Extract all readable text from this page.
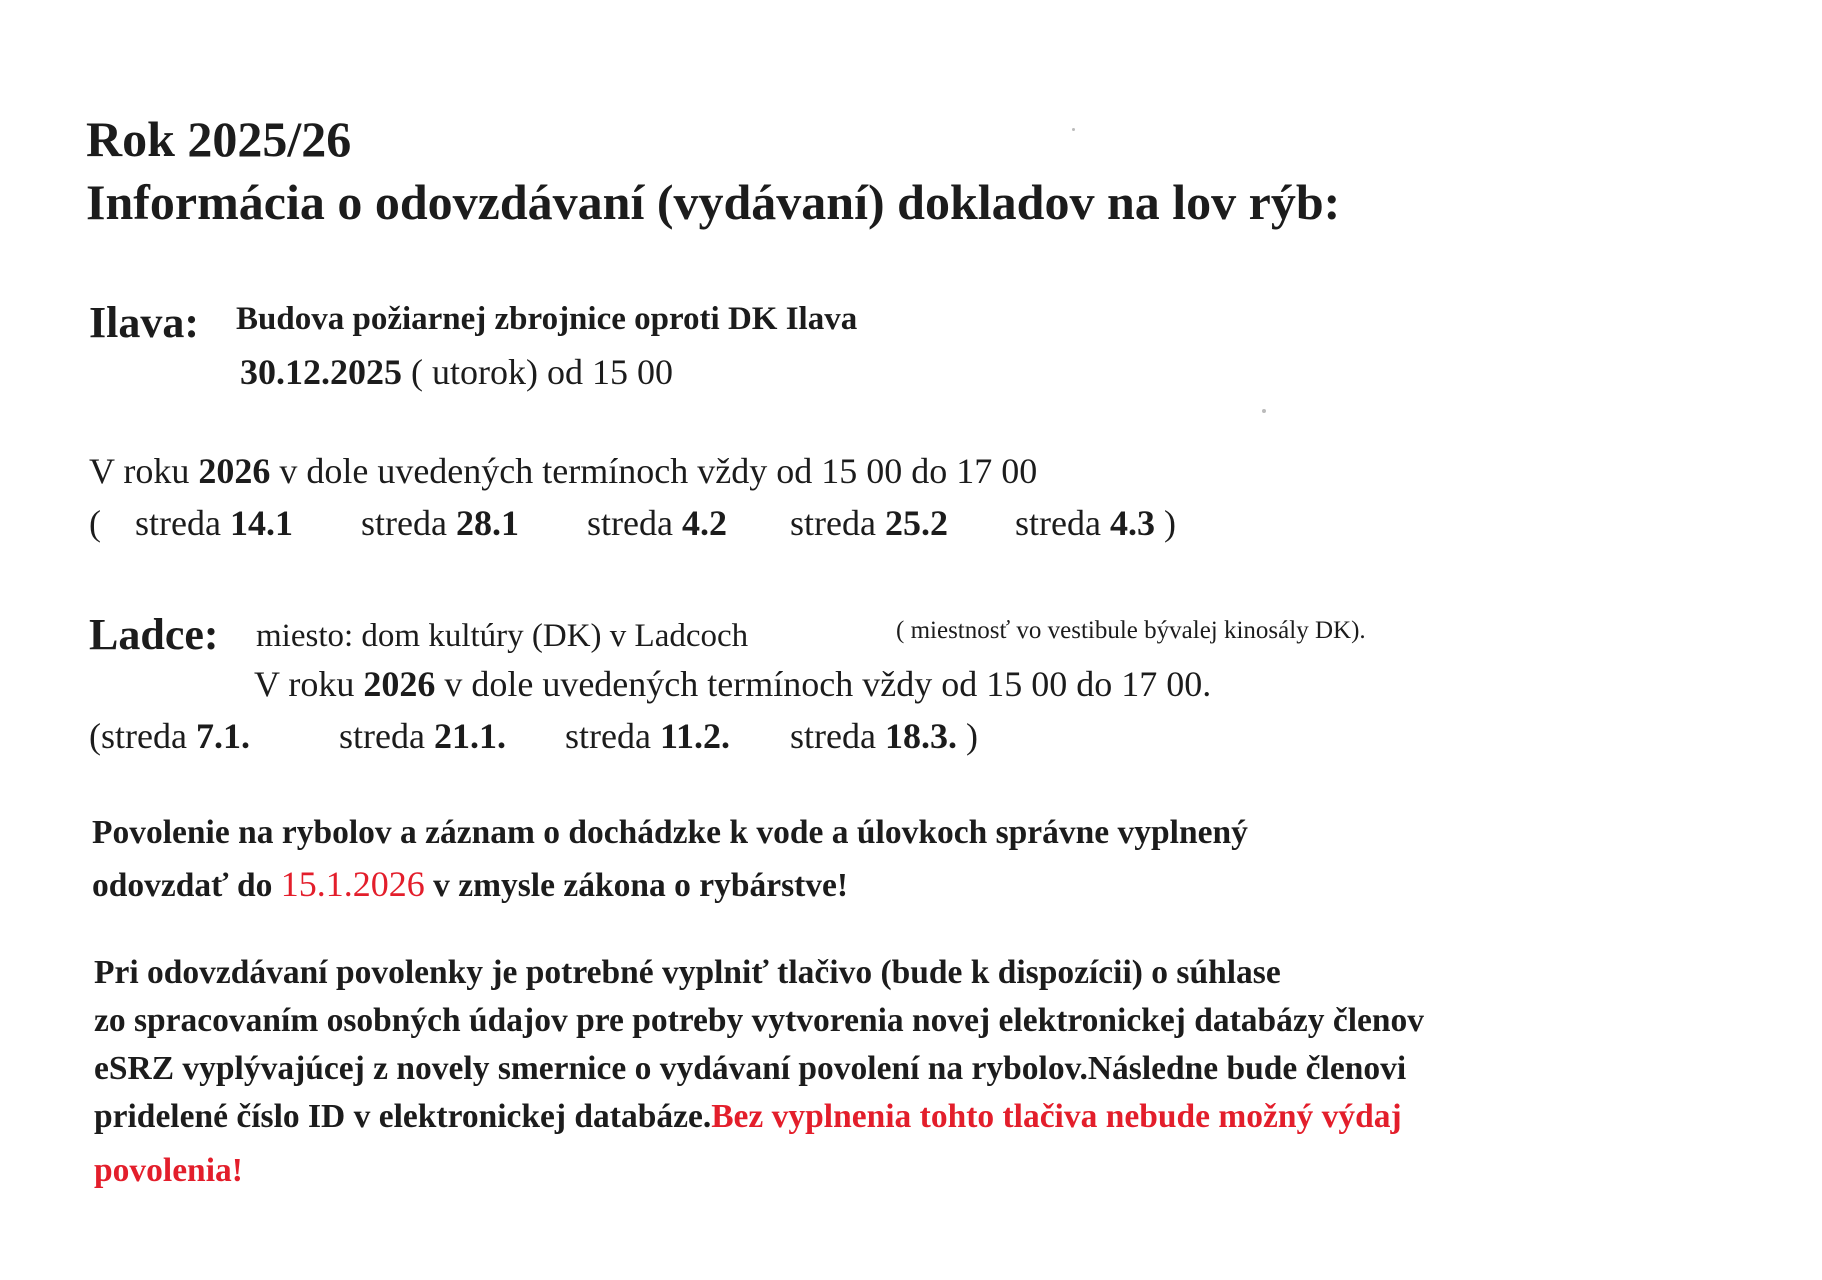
Rok 2025/26
Informácia o odovzdávaní (vydávaní) dokladov na lov rýb:
Ilava: Budova požiarnej zbrojnice oproti DK Ilava
30.12.2025 ( utorok) od 15 00
V roku 2026 v dole uvedených termínoch vždy od 15 00 do 17 00
( streda 14.1 streda 28.1 streda 4.2 streda 25.2 streda 4.3 )
Ladce: miesto: dom kultúry (DK) v Ladcoch	( miestnosť vo vestibule bývalej kinosály DK).
V roku 2026 v dole uvedených termínoch vždy od 15 00 do 17 00.
(streda 7.1. streda 21.1. streda 11.2. streda 18.3. )
Povolenie na rybolov a záznam o dochádzke k vode a úlovkoch správne vyplnený
odovzdať do 15.1.2026 v zmysle zákona o rybárstve!
Pri odovzdávaní povolenky je potrebné vyplniť tlačivo (bude k dispozícii) o súhlase
zo spracovaním osobných údajov pre potreby vytvorenia novej elektronickej databázy členov
eSRZ vyplývajúcej z novely smernice o vydávaní povolení na rybolov.Následne bude členovi
pridelené číslo ID v elektronickej databáze.Bez vyplnenia tohto tlačiva nebude možný výdaj
povolenia!
